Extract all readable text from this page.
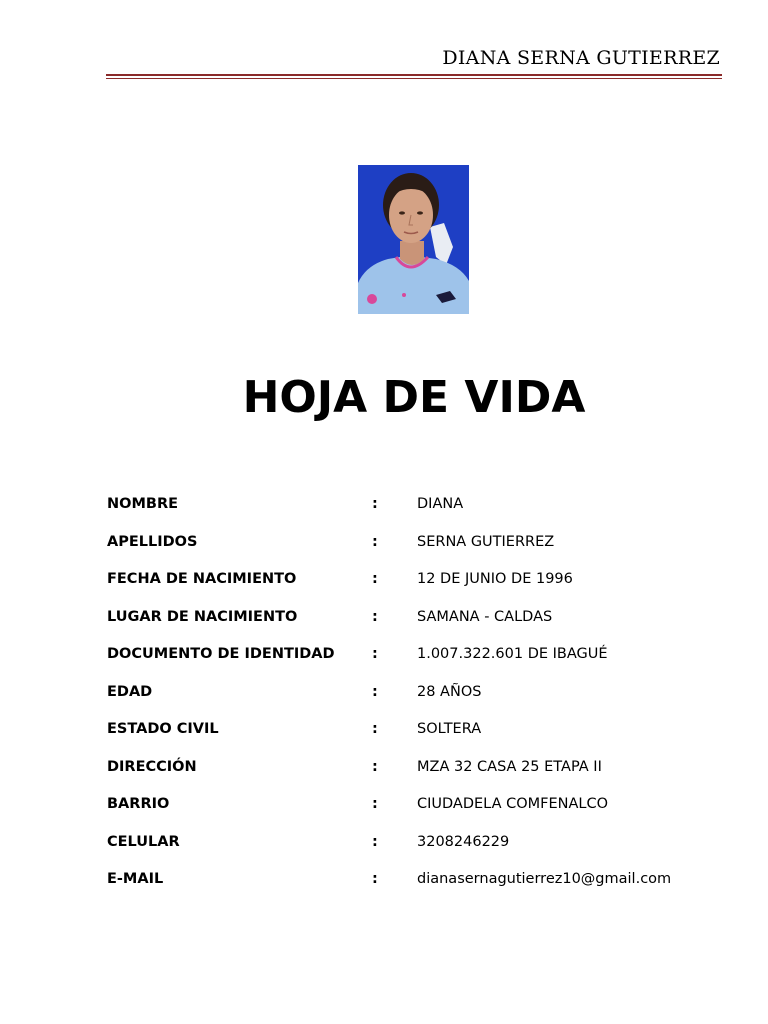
DIANA SERNA GUTIERREZ
HOJA DE VIDA
NOMBRE	:	DIANA
APELLIDOS	:	SERNA GUTIERREZ
FECHA DE NACIMIENTO	:	12 DE JUNIO DE 1996
LUGAR DE NACIMIENTO	:	SAMANA - CALDAS
DOCUMENTO DE IDENTIDAD	:	1.007.322.601 DE IBAGUÉ
EDAD	:	28 AÑOS
ESTADO CIVIL	:	SOLTERA
DIRECCIÓN	:	MZA 32 CASA 25 ETAPA II
BARRIO	:	CIUDADELA COMFENALCO
CELULAR	:	3208246229
E-MAIL	:	dianasernagutierrez10@gmail.com
